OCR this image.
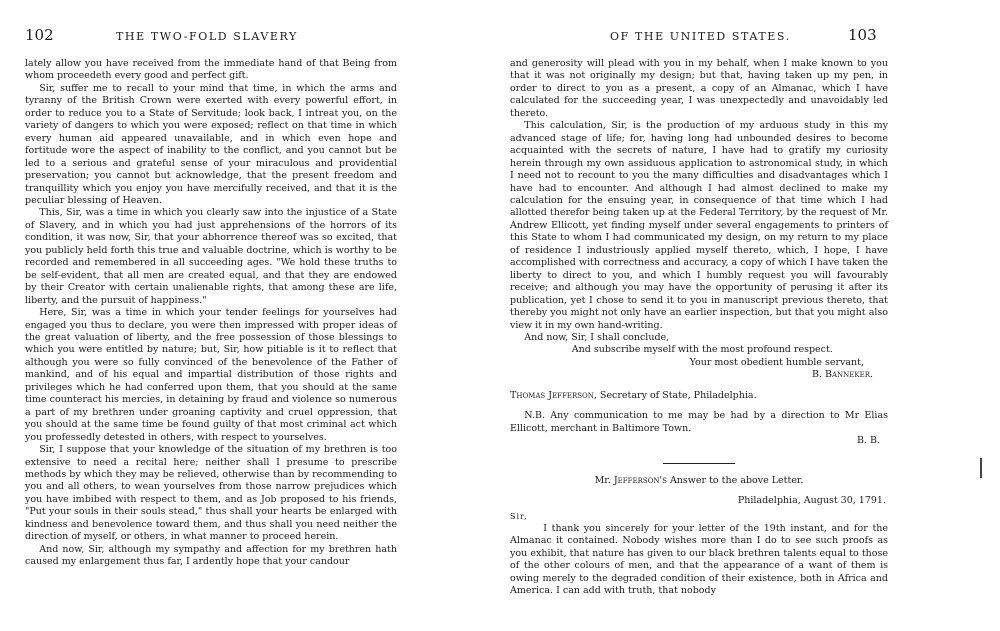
102	THE TWO-FOLD SLAVERY

lately allow you have received from the immediate hand of that Being from whom proceedeth every good and perfect gift.

Sir, suffer me to recall to your mind that time, in which the arms and tyranny of the British Crown were exerted with every powerful effort, in order to reduce you to a State of Servitude; look back, I intreat you, on the variety of dangers to which you were exposed; reflect on that time in which every human aid appeared unavailable, and in which even hope and fortitude wore the aspect of inability to the conflict, and you cannot but be led to a serious and grateful sense of your miraculous and providential preservation; you cannot but acknowledge, that the present freedom and tranquillity which you enjoy you have mercifully received, and that it is the peculiar blessing of Heaven.

This, Sir, was a time in which you clearly saw into the injustice of a State of Slavery, and in which you had just apprehensions of the horrors of its condition, it was now, Sir, that your abhorrence thereof was so excited, that you publicly held forth this true and valuable doctrine, which is worthy to be recorded and remembered in all succeeding ages. "We hold these truths to be self-evident, that all men are created equal, and that they are endowed by their Creator with certain unalienable rights, that among these are life, liberty, and the pursuit of happiness."

Here, Sir, was a time in which your tender feelings for yourselves had engaged you thus to declare, you were then impressed with proper ideas of the great valuation of liberty, and the free possession of those blessings to which you were entitled by nature; but, Sir, how pitiable is it to reflect that although you were so fully convinced of the benevolence of the Father of mankind, and of his equal and impartial distribution of those rights and privileges which he had conferred upon them, that you should at the same time counteract his mercies, in detaining by fraud and violence so numerous a part of my brethren under groaning captivity and cruel oppression, that you should at the same time be found guilty of that most criminal act which you professedly detested in others, with respect to yourselves.

Sir, I suppose that your knowledge of the situation of my brethren is too extensive to need a recital here; neither shall I presume to prescribe methods by which they may be relieved, otherwise than by recommending to you and all others, to wean yourselves from those narrow prejudices which you have imbibed with respect to them, and as Job proposed to his friends, "Put your souls in their souls stead," thus shall your hearts be enlarged with kindness and benevolence toward them, and thus shall you need neither the direction of myself, or others, in what manner to proceed herein.

And now, Sir, although my sympathy and affection for my brethren hath caused my enlargement thus far, I ardently hope that your candour

OF THE UNITED STATES.	103

and generosity will plead with you in my behalf, when I make known to you that it was not originally my design; but that, having taken up my pen, in order to direct to you as a present, a copy of an Almanac, which I have calculated for the succeeding year, I was unexpectedly and unavoidably led thereto.

This calculation, Sir, is the production of my arduous study in this my advanced stage of life; for, having long had unbounded desires to become acquainted with the secrets of nature, I have had to gratify my curiosity herein through my own assiduous application to astronomical study, in which I need not to recount to you the many difficulties and disadvantages which I have had to encounter. And although I had almost declined to make my calculation for the ensuing year, in consequence of that time which I had allotted therefor being taken up at the Federal Territory, by the request of Mr. Andrew Ellicott, yet finding myself under several engagements to printers of this State to whom I had communicated my design, on my return to my place of residence I industriously applied myself thereto, which, I hope, I have accomplished with correctness and accuracy, a copy of which I have taken the liberty to direct to you, and which I humbly request you will favourably receive; and although you may have the opportunity of perusing it after its publication, yet I chose to send it to you in manuscript previous thereto, that thereby you might not only have an earlier inspection, but that you might also view it in my own hand-writing.

And now, Sir, I shall conclude,

And subscribe myself with the most profound respect.

Your most obedient humble servant,

B. Banneker.

Thomas Jefferson, Secretary of State, Philadelphia.

N.B. Any communication to me may be had by a direction to Mr Elias Ellicott, merchant in Baltimore Town.

B. B.

Mr. Jefferson's Answer to the above Letter.

Philadelphia, August 30, 1791.

Sir,

I thank you sincerely for your letter of the 19th instant, and for the Almanac it contained. Nobody wishes more than I do to see such proofs as you exhibit, that nature has given to our black brethren talents equal to those of the other colours of men, and that the appearance of a want of them is owing merely to the degraded condition of their existence, both in Africa and America. I can add with truth, that nobody
